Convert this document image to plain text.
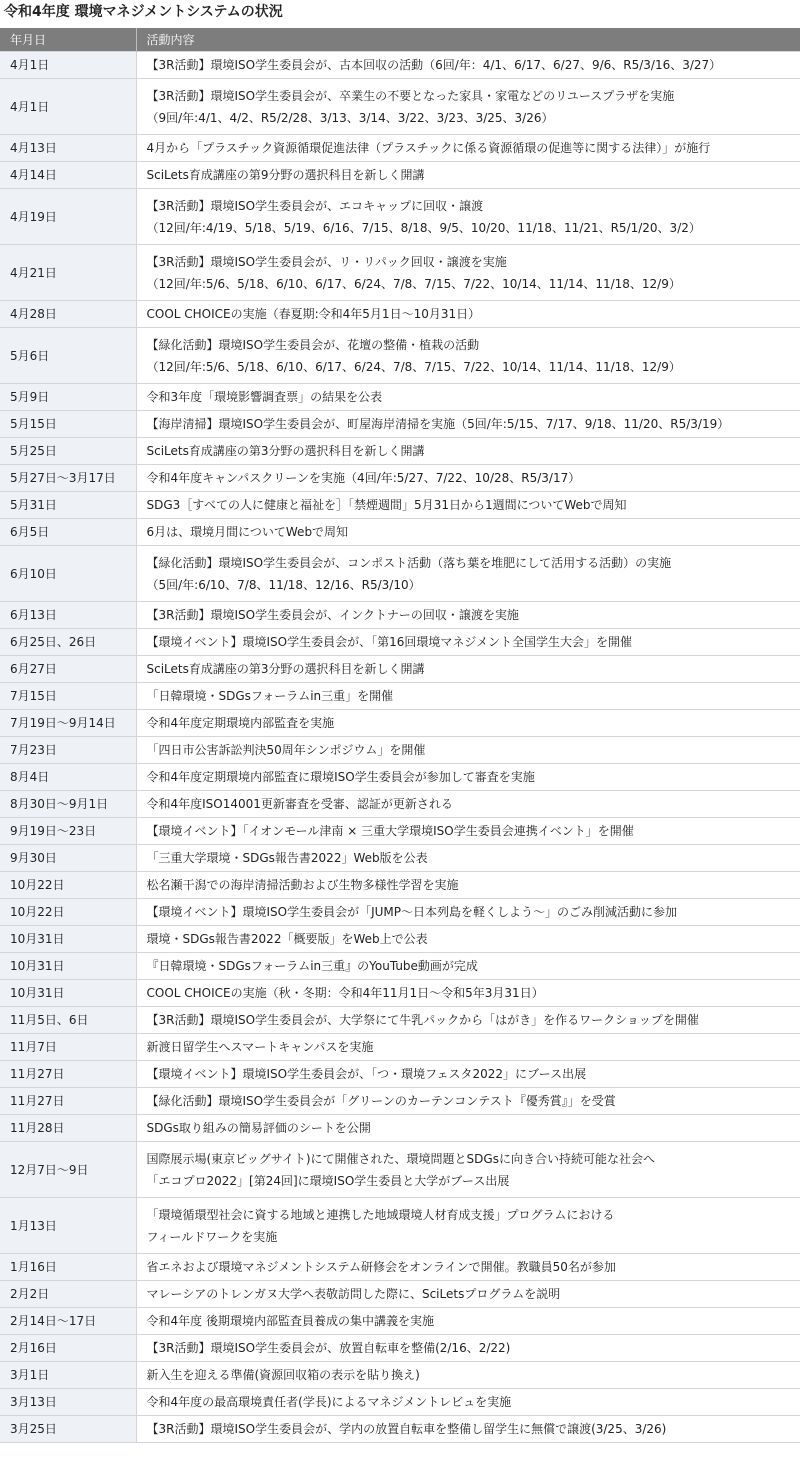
令和4年度 環境マネジメントシステムの状況
年月日	活動内容
4月1日	【3R活動】環境ISO学生委員会が、古本回収の活動（6回/年：4/1、6/17、6/27、9/6、R5/3/16、3/27）

4月1日	【3R活動】環境ISO学生委員会が、卒業生の不要となった家具・家電などのリユースプラザを実施
（9回/年:4/1、4/2、R5/2/28、3/13、3/14、3/22、3/23、3/25、3/26）

4月13日	4月から「プラスチック資源循環促進法律（プラスチックに係る資源循環の促進等に関する法律）」が施行

4月14日	SciLets育成講座の第9分野の選択科目を新しく開講

4月19日	【3R活動】環境ISO学生委員会が、エコキャップに回収・譲渡
（12回/年:4/19、5/18、5/19、6/16、7/15、8/18、9/5、10/20、11/18、11/21、R5/1/20、3/2）

4月21日	【3R活動】環境ISO学生委員会が、リ・リパック回収・譲渡を実施
（12回/年:5/6、5/18、6/10、6/17、6/24、7/8、7/15、7/22、10/14、11/14、11/18、12/9）

4月28日	COOL CHOICEの実施（春夏期:令和4年5月1日〜10月31日）

5月6日	【緑化活動】環境ISO学生委員会が、花壇の整備・植栽の活動
（12回/年:5/6、5/18、6/10、6/17、6/24、7/8、7/15、7/22、10/14、11/14、11/18、12/9）

5月9日	令和3年度「環境影響調査票」の結果を公表

5月15日	【海岸清掃】環境ISO学生委員会が、町屋海岸清掃を実施（5回/年:5/15、7/17、9/18、11/20、R5/3/19）

5月25日	SciLets育成講座の第3分野の選択科目を新しく開講

5月27日〜3月17日	令和4年度キャンパスクリーンを実施（4回/年:5/27、7/22、10/28、R5/3/17）

5月31日	SDG3［すべての人に健康と福祉を］「禁煙週間」5月31日から1週間についてWebで周知

6月5日	6月は、環境月間についてWebで周知

6月10日	【緑化活動】環境ISO学生委員会が、コンポスト活動（落ち葉を堆肥にして活用する活動）の実施
（5回/年:6/10、7/8、11/18、12/16、R5/3/10）

6月13日	【3R活動】環境ISO学生委員会が、インクトナーの回収・譲渡を実施

6月25日、26日	【環境イベント】環境ISO学生委員会が、「第16回環境マネジメント全国学生大会」を開催

6月27日	SciLets育成講座の第3分野の選択科目を新しく開講

7月15日	「日韓環境・SDGsフォーラムin三重」を開催

7月19日〜9月14日	令和4年度定期環境内部監査を実施

7月23日	「四日市公害訴訟判決50周年シンポジウム」を開催

8月4日	令和4年度定期環境内部監査に環境ISO学生委員会が参加して審査を実施

8月30日〜9月1日	令和4年度ISO14001更新審査を受審、認証が更新される

9月19日〜23日	【環境イベント】「イオンモール津南 × 三重大学環境ISO学生委員会連携イベント」を開催

9月30日	「三重大学環境・SDGs報告書2022」Web版を公表

10月22日	松名瀬干潟での海岸清掃活動および生物多様性学習を実施

10月22日	【環境イベント】環境ISO学生委員会が「JUMP〜日本列島を軽くしよう〜」のごみ削減活動に参加

10月31日	環境・SDGs報告書2022「概要版」をWeb上で公表

10月31日	『日韓環境・SDGsフォーラムin三重』のYouTube動画が完成

10月31日	COOL CHOICEの実施（秋・冬期：令和4年11月1日〜令和5年3月31日）

11月5日、6日	【3R活動】環境ISO学生委員会が、大学祭にて牛乳パックから「はがき」を作るワークショップを開催

11月7日	新渡日留学生へスマートキャンパスを実施

11月27日	【環境イベント】環境ISO学生委員会が、「つ・環境フェスタ2022」にブース出展

11月27日	【緑化活動】環境ISO学生委員会が「グリーンのカーテンコンテスト『優秀賞』」を受賞

11月28日	SDGs取り組みの簡易評価のシートを公開

12月7日〜9日	国際展示場(東京ビッグサイト)にて開催された、環境問題とSDGsに向き合い持続可能な社会へ
「エコプロ2022」[第24回]に環境ISO学生委員と大学がブース出展

1月13日	「環境循環型社会に資する地域と連携した地域環境人材育成支援」プログラムにおける
フィールドワークを実施

1月16日	省エネおよび環境マネジメントシステム研修会をオンラインで開催。教職員50名が参加

2月2日	マレーシアのトレンガヌ大学へ表敬訪問した際に、SciLetsプログラムを説明

2月14日〜17日	令和4年度 後期環境内部監査員養成の集中講義を実施

2月16日	【3R活動】環境ISO学生委員会が、放置自転車を整備(2/16、2/22)

3月1日	新入生を迎える準備(資源回収箱の表示を貼り換え)

3月13日	令和4年度の最高環境責任者(学長)によるマネジメントレビュを実施

3月25日	【3R活動】環境ISO学生委員会が、学内の放置自転車を整備し留学生に無償で譲渡(3/25、3/26)
